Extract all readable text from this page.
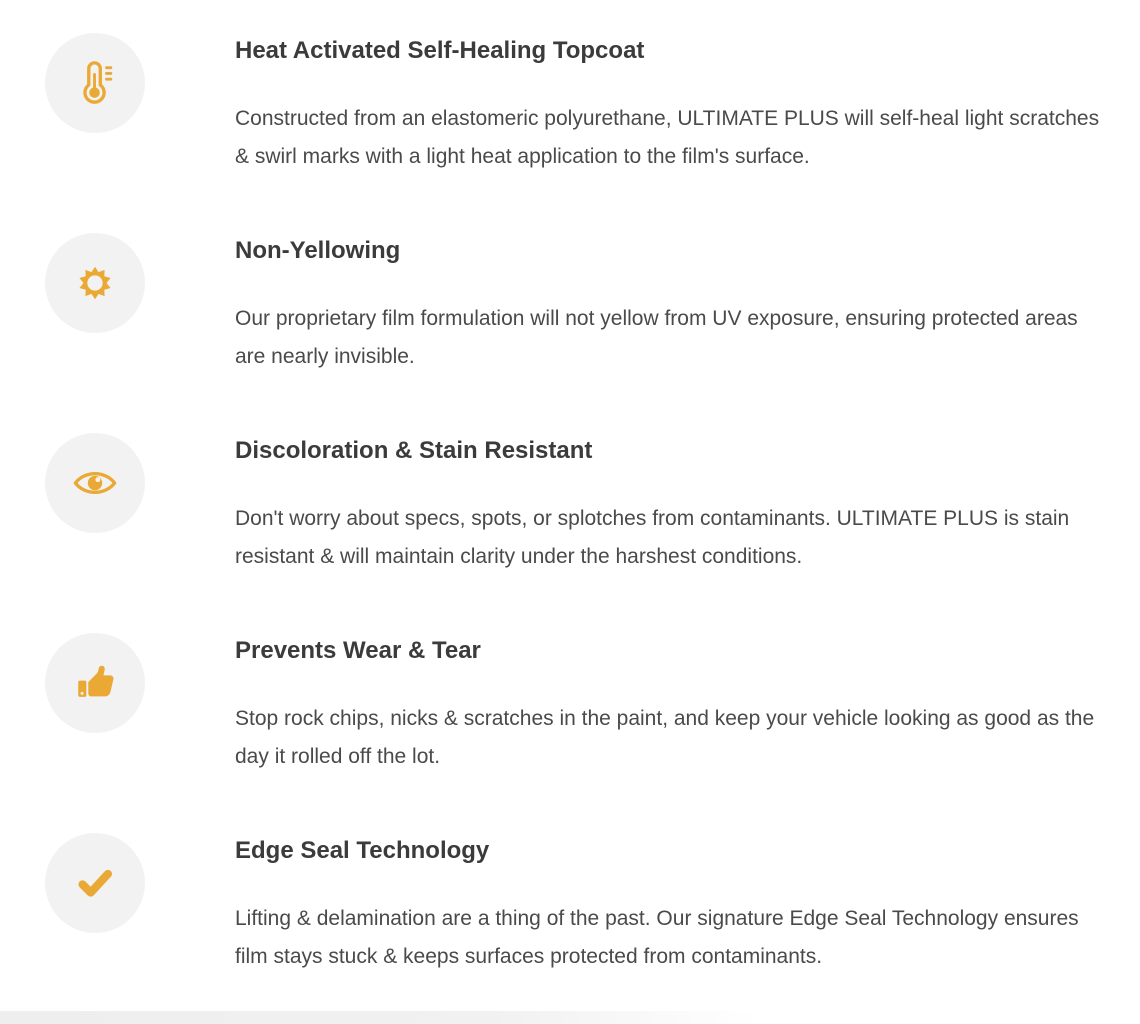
Heat Activated Self-Healing Topcoat

Constructed from an elastomeric polyurethane, ULTIMATE PLUS will self-heal light scratches & swirl marks with a light heat application to the film's surface.

Non-Yellowing

Our proprietary film formulation will not yellow from UV exposure, ensuring protected areas are nearly invisible.

Discoloration & Stain Resistant

Don't worry about specs, spots, or splotches from contaminants. ULTIMATE PLUS is stain resistant & will maintain clarity under the harshest conditions.

Prevents Wear & Tear

Stop rock chips, nicks & scratches in the paint, and keep your vehicle looking as good as the day it rolled off the lot.

Edge Seal Technology

Lifting & delamination are a thing of the past. Our signature Edge Seal Technology ensures film stays stuck & keeps surfaces protected from contaminants.
